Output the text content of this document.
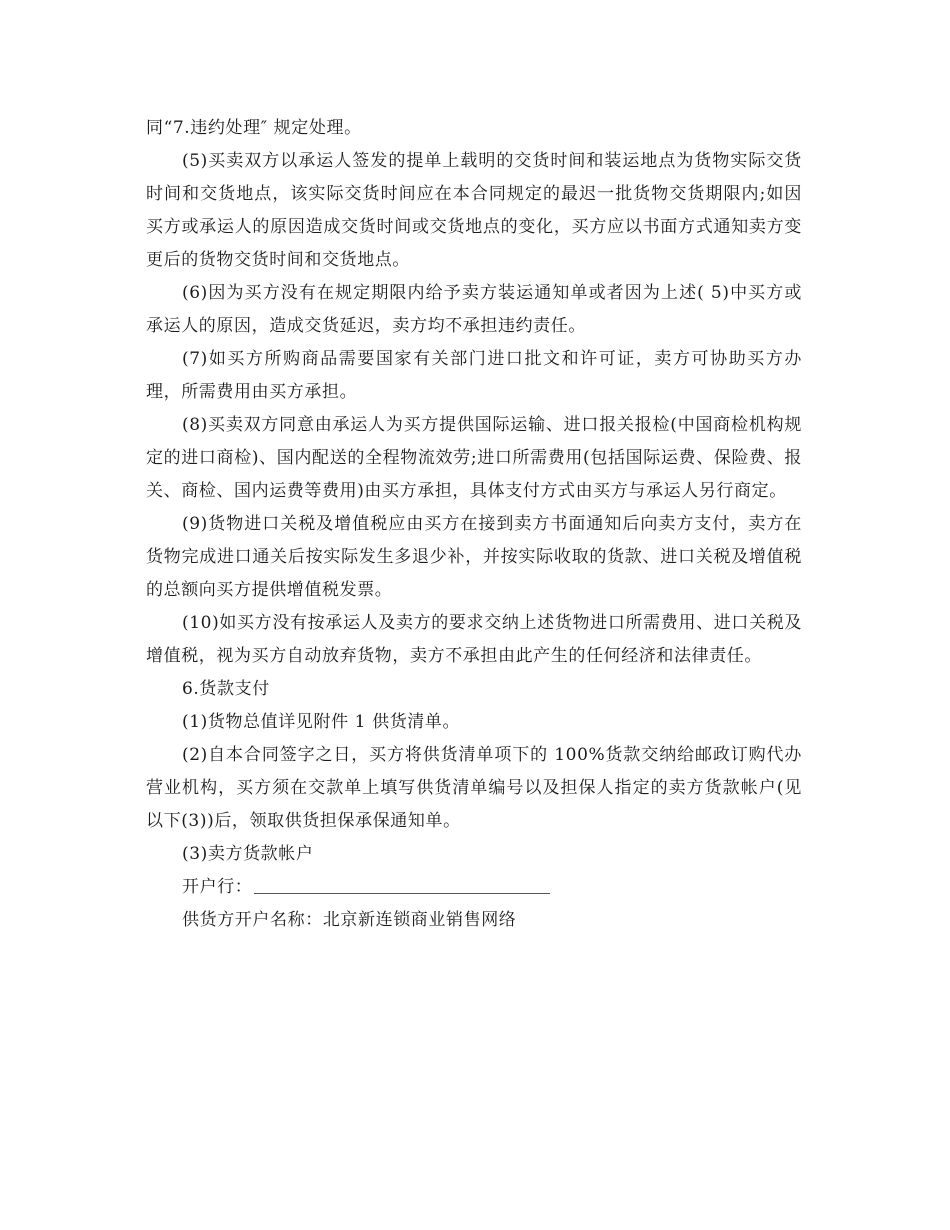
同“7.违约处理″ 规定处理。

(5)买卖双方以承运人签发的提单上载明的交货时间和装运地点为货物实际交货时间和交货地点，该实际交货时间应在本合同规定的最迟一批货物交货期限内;如因买方或承运人的原因造成交货时间或交货地点的变化，买方应以书面方式通知卖方变更后的货物交货时间和交货地点。

(6)因为买方没有在规定期限内给予卖方装运通知单或者因为上述( 5)中买方或承运人的原因，造成交货延迟，卖方均不承担违约责任。

(7)如买方所购商品需要国家有关部门进口批文和许可证，卖方可协助买方办理，所需费用由买方承担。

(8)买卖双方同意由承运人为买方提供国际运输、进口报关报检(中国商检机构规定的进口商检)、国内配送的全程物流效劳;进口所需费用(包括国际运费、保险费、报关、商检、国内运费等费用)由买方承担，具体支付方式由买方与承运人另行商定。

(9)货物进口关税及增值税应由买方在接到卖方书面通知后向卖方支付，卖方在货物完成进口通关后按实际发生多退少补，并按实际收取的货款、进口关税及增值税的总额向买方提供增值税发票。

(10)如买方没有按承运人及卖方的要求交纳上述货物进口所需费用、进口关税及增值税，视为买方自动放弃货物，卖方不承担由此产生的任何经济和法律责任。

6.货款支付

(1)货物总值详见附件 1 供货清单。

(2)自本合同签字之日，买方将供货清单项下的 100%货款交纳给邮政订购代办营业机构，买方须在交款单上填写供货清单编号以及担保人指定的卖方货款帐户(见以下(3))后，领取供货担保承保通知单。

(3)卖方货款帐户

开户行：

供货方开户名称：北京新连锁商业销售网络
